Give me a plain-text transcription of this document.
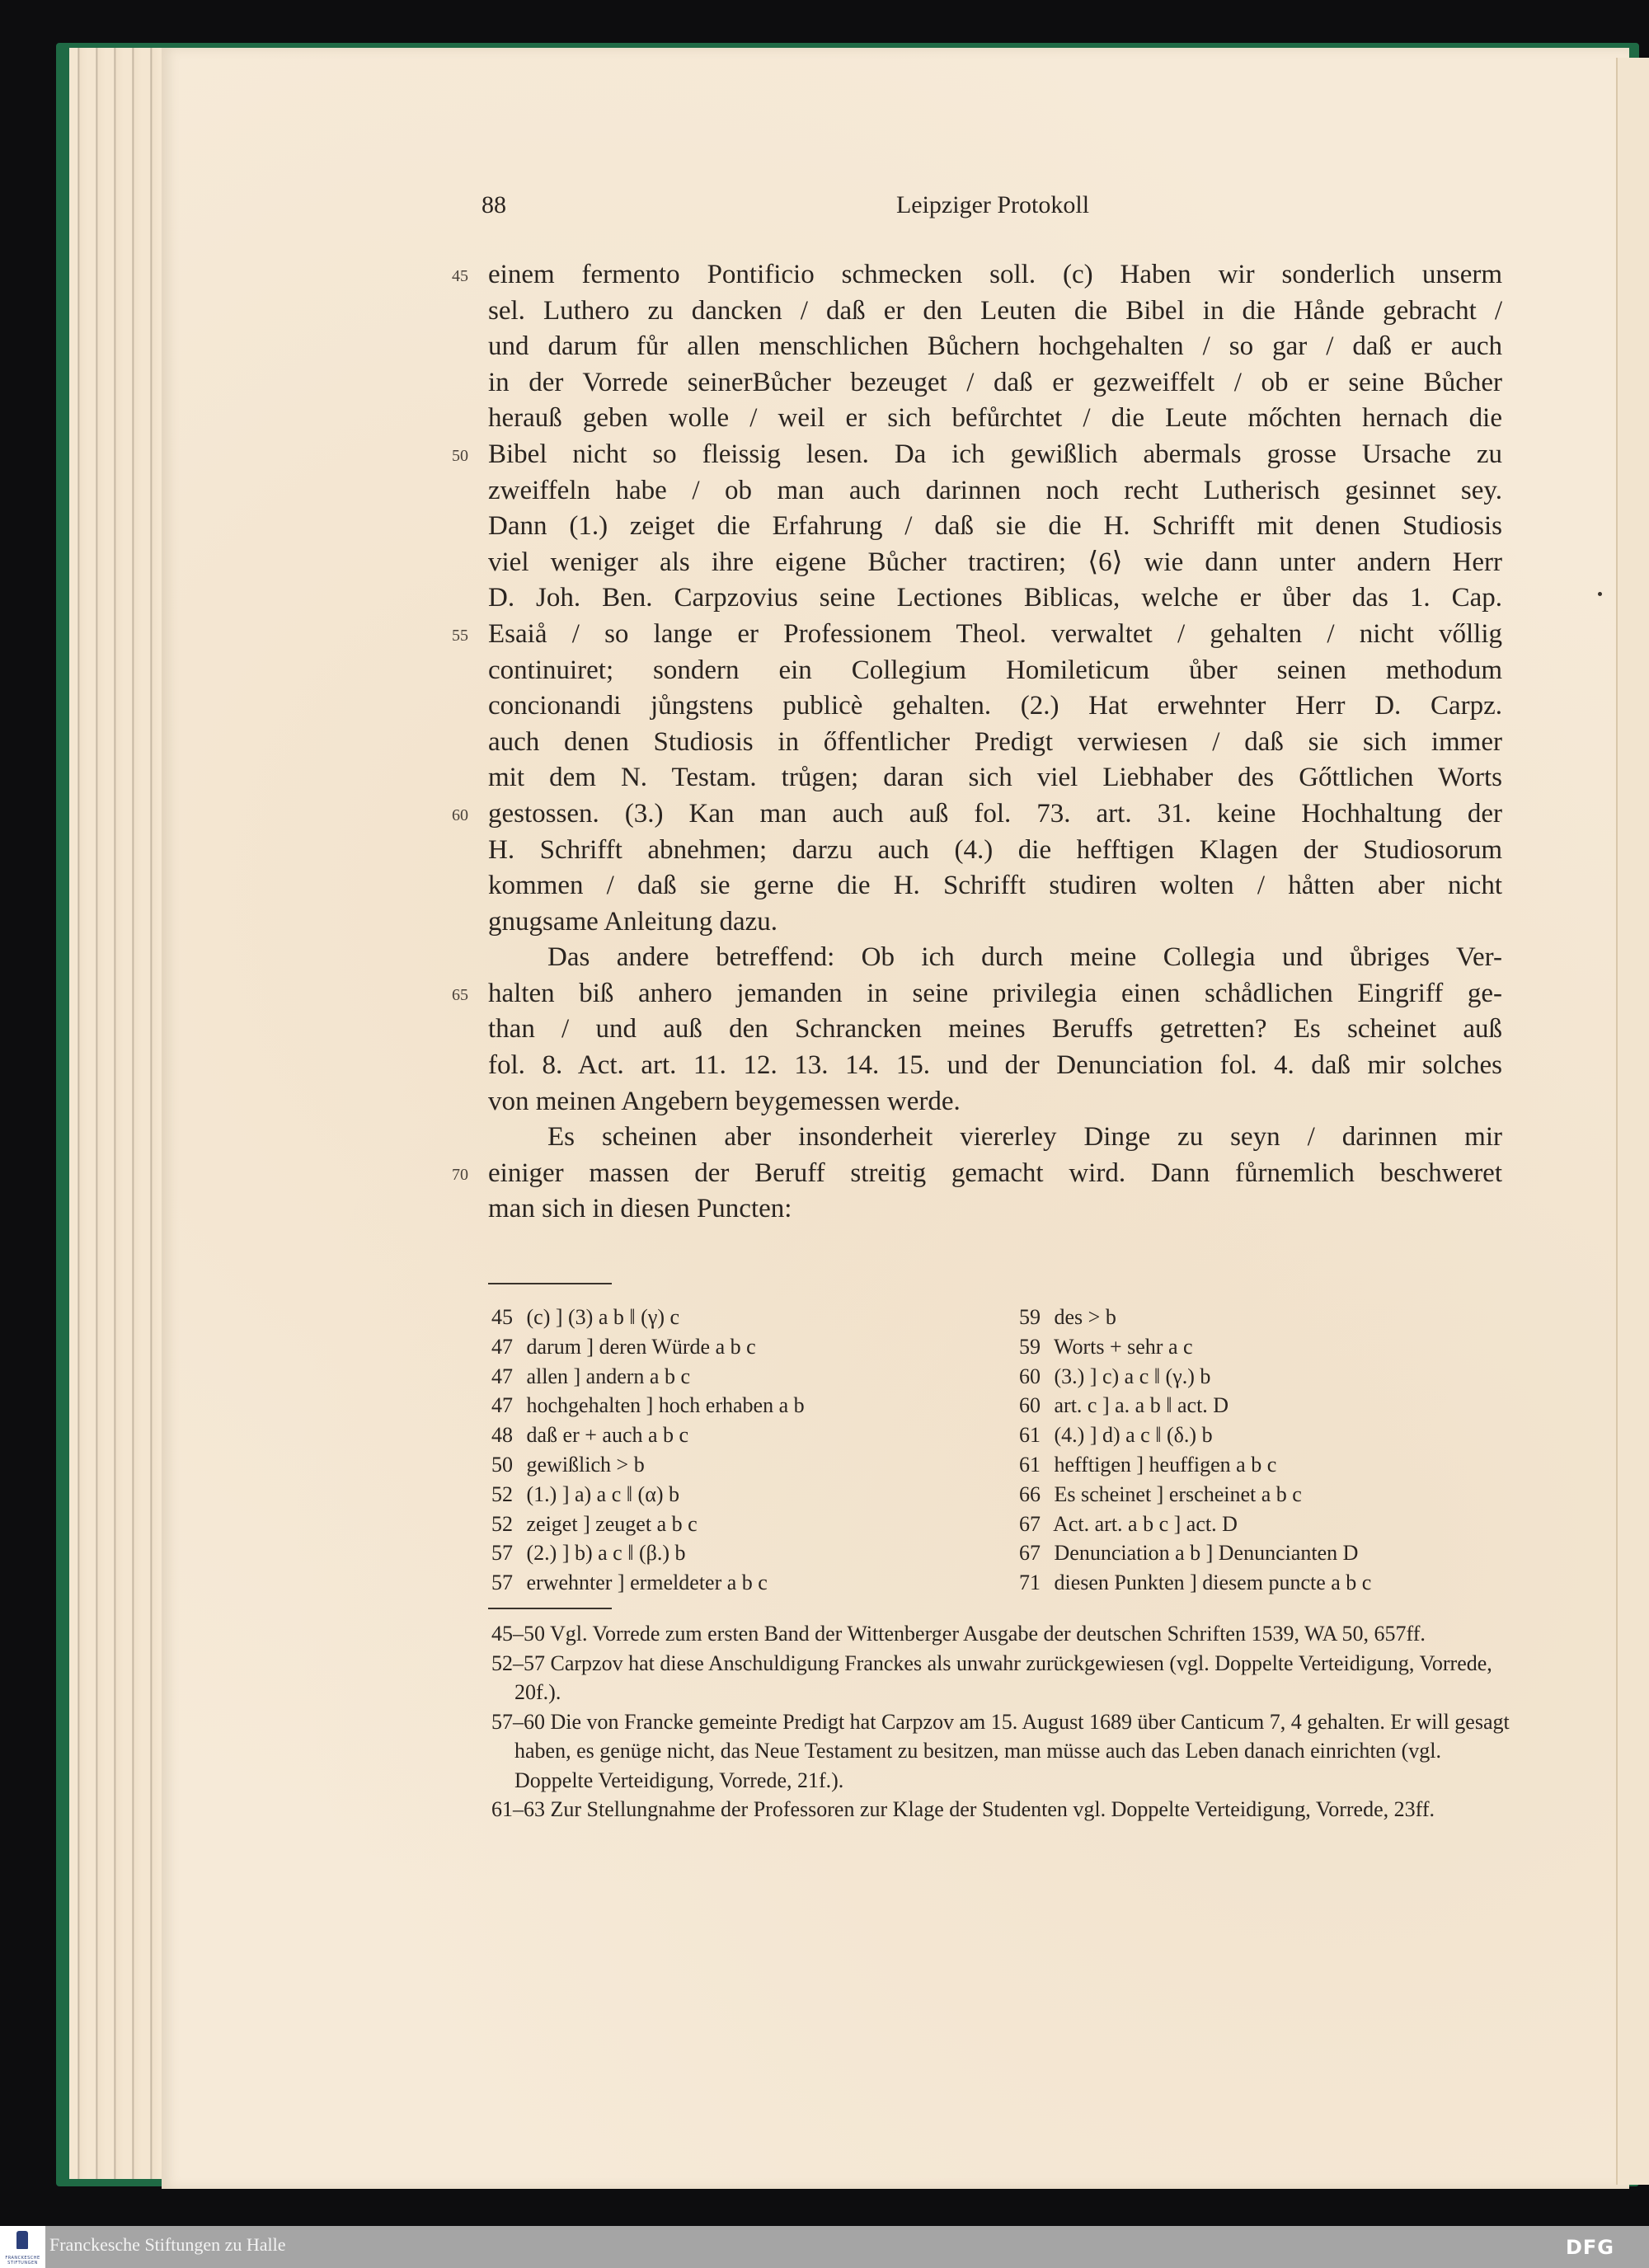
88	Leipziger Protokoll
45 einem fermento Pontificio schmecken soll. (c) Haben wir sonderlich unserm
sel. Luthero zu dancken / daß er den Leuten die Bibel in die Hånde gebracht /
und darum fůr allen menschlichen Bůchern hochgehalten / so gar / daß er auch
in der Vorrede seinerBůcher bezeuget / daß er gezweiffelt / ob er seine Bůcher
herauß geben wolle / weil er sich befůrchtet / die Leute mőchten hernach die
50 Bibel nicht so fleissig lesen. Da ich gewißlich abermals grosse Ursache zu
zweiffeln habe / ob man auch darinnen noch recht Lutherisch gesinnet sey.
Dann (1.) zeiget die Erfahrung / daß sie die H. Schrifft mit denen Studiosis
viel weniger als ihre eigene Bůcher tractiren; ⟨6⟩ wie dann unter andern Herr
D. Joh. Ben. Carpzovius seine Lectiones Biblicas, welche er ůber das 1. Cap.
55 Esaiå / so lange er Professionem Theol. verwaltet / gehalten / nicht vőllig
continuiret; sondern ein Collegium Homileticum ůber seinen methodum
concionandi jůngstens publicè gehalten. (2.) Hat erwehnter Herr D. Carpz.
auch denen Studiosis in őffentlicher Predigt verwiesen / daß sie sich immer
mit dem N. Testam. trůgen; daran sich viel Liebhaber des Gőttlichen Worts
60 gestossen. (3.) Kan man auch auß fol. 73. art. 31. keine Hochhaltung der
H. Schrifft abnehmen; darzu auch (4.) die hefftigen Klagen der Studiosorum
kommen / daß sie gerne die H. Schrifft studiren wolten / håtten aber nicht
gnugsame Anleitung dazu.
Das andere betreffend: Ob ich durch meine Collegia und ůbriges Ver-
65 halten biß anhero jemanden in seine privilegia einen schådlichen Eingriff ge-
than / und auß den Schrancken meines Beruffs getretten? Es scheinet auß
fol. 8. Act. art. 11. 12. 13. 14. 15. und der Denunciation fol. 4. daß mir solches
von meinen Angebern beygemessen werde.
Es scheinen aber insonderheit viererley Dinge zu seyn / darinnen mir
70 einiger massen der Beruff streitig gemacht wird. Dann fůrnemlich beschweret
man sich in diesen Puncten:
45 (c) ] (3) a b ‖ (γ) c
47 darum ] deren Würde a b c
47 allen ] andern a b c
47 hochgehalten ] hoch erhaben a b
48 daß er + auch a b c
50 gewißlich > b
52 (1.) ] a) a c ‖ (α) b
52 zeiget ] zeuget a b c
57 (2.) ] b) a c ‖ (β.) b
57 erwehnter ] ermeldeter a b c
59 des > b
59 Worts + sehr a c
60 (3.) ] c) a c ‖ (γ.) b
60 art. c ] a. a b ‖ act. D
61 (4.) ] d) a c ‖ (δ.) b
61 hefftigen ] heuffigen a b c
66 Es scheinet ] erscheinet a b c
67 Act. art. a b c ] act. D
67 Denunciation a b ] Denuncianten D
71 diesen Punkten ] diesem puncte a b c
45–50 Vgl. Vorrede zum ersten Band der Wittenberger Ausgabe der deutschen Schriften 1539, WA 50, 657ff.
52–57 Carpzov hat diese Anschuldigung Franckes als unwahr zurückgewiesen (vgl. Doppelte Verteidigung, Vorrede, 20f.).
57–60 Die von Francke gemeinte Predigt hat Carpzov am 15. August 1689 über Canticum 7, 4 gehalten. Er will gesagt haben, es genüge nicht, das Neue Testament zu besitzen, man müsse auch das Leben danach einrichten (vgl. Doppelte Verteidigung, Vorrede, 21f.).
61–63 Zur Stellungnahme der Professoren zur Klage der Studenten vgl. Doppelte Verteidigung, Vorrede, 23ff.
FRANCKESCHE STIFTUNGEN
Franckesche Stiftungen zu Halle	DFG
